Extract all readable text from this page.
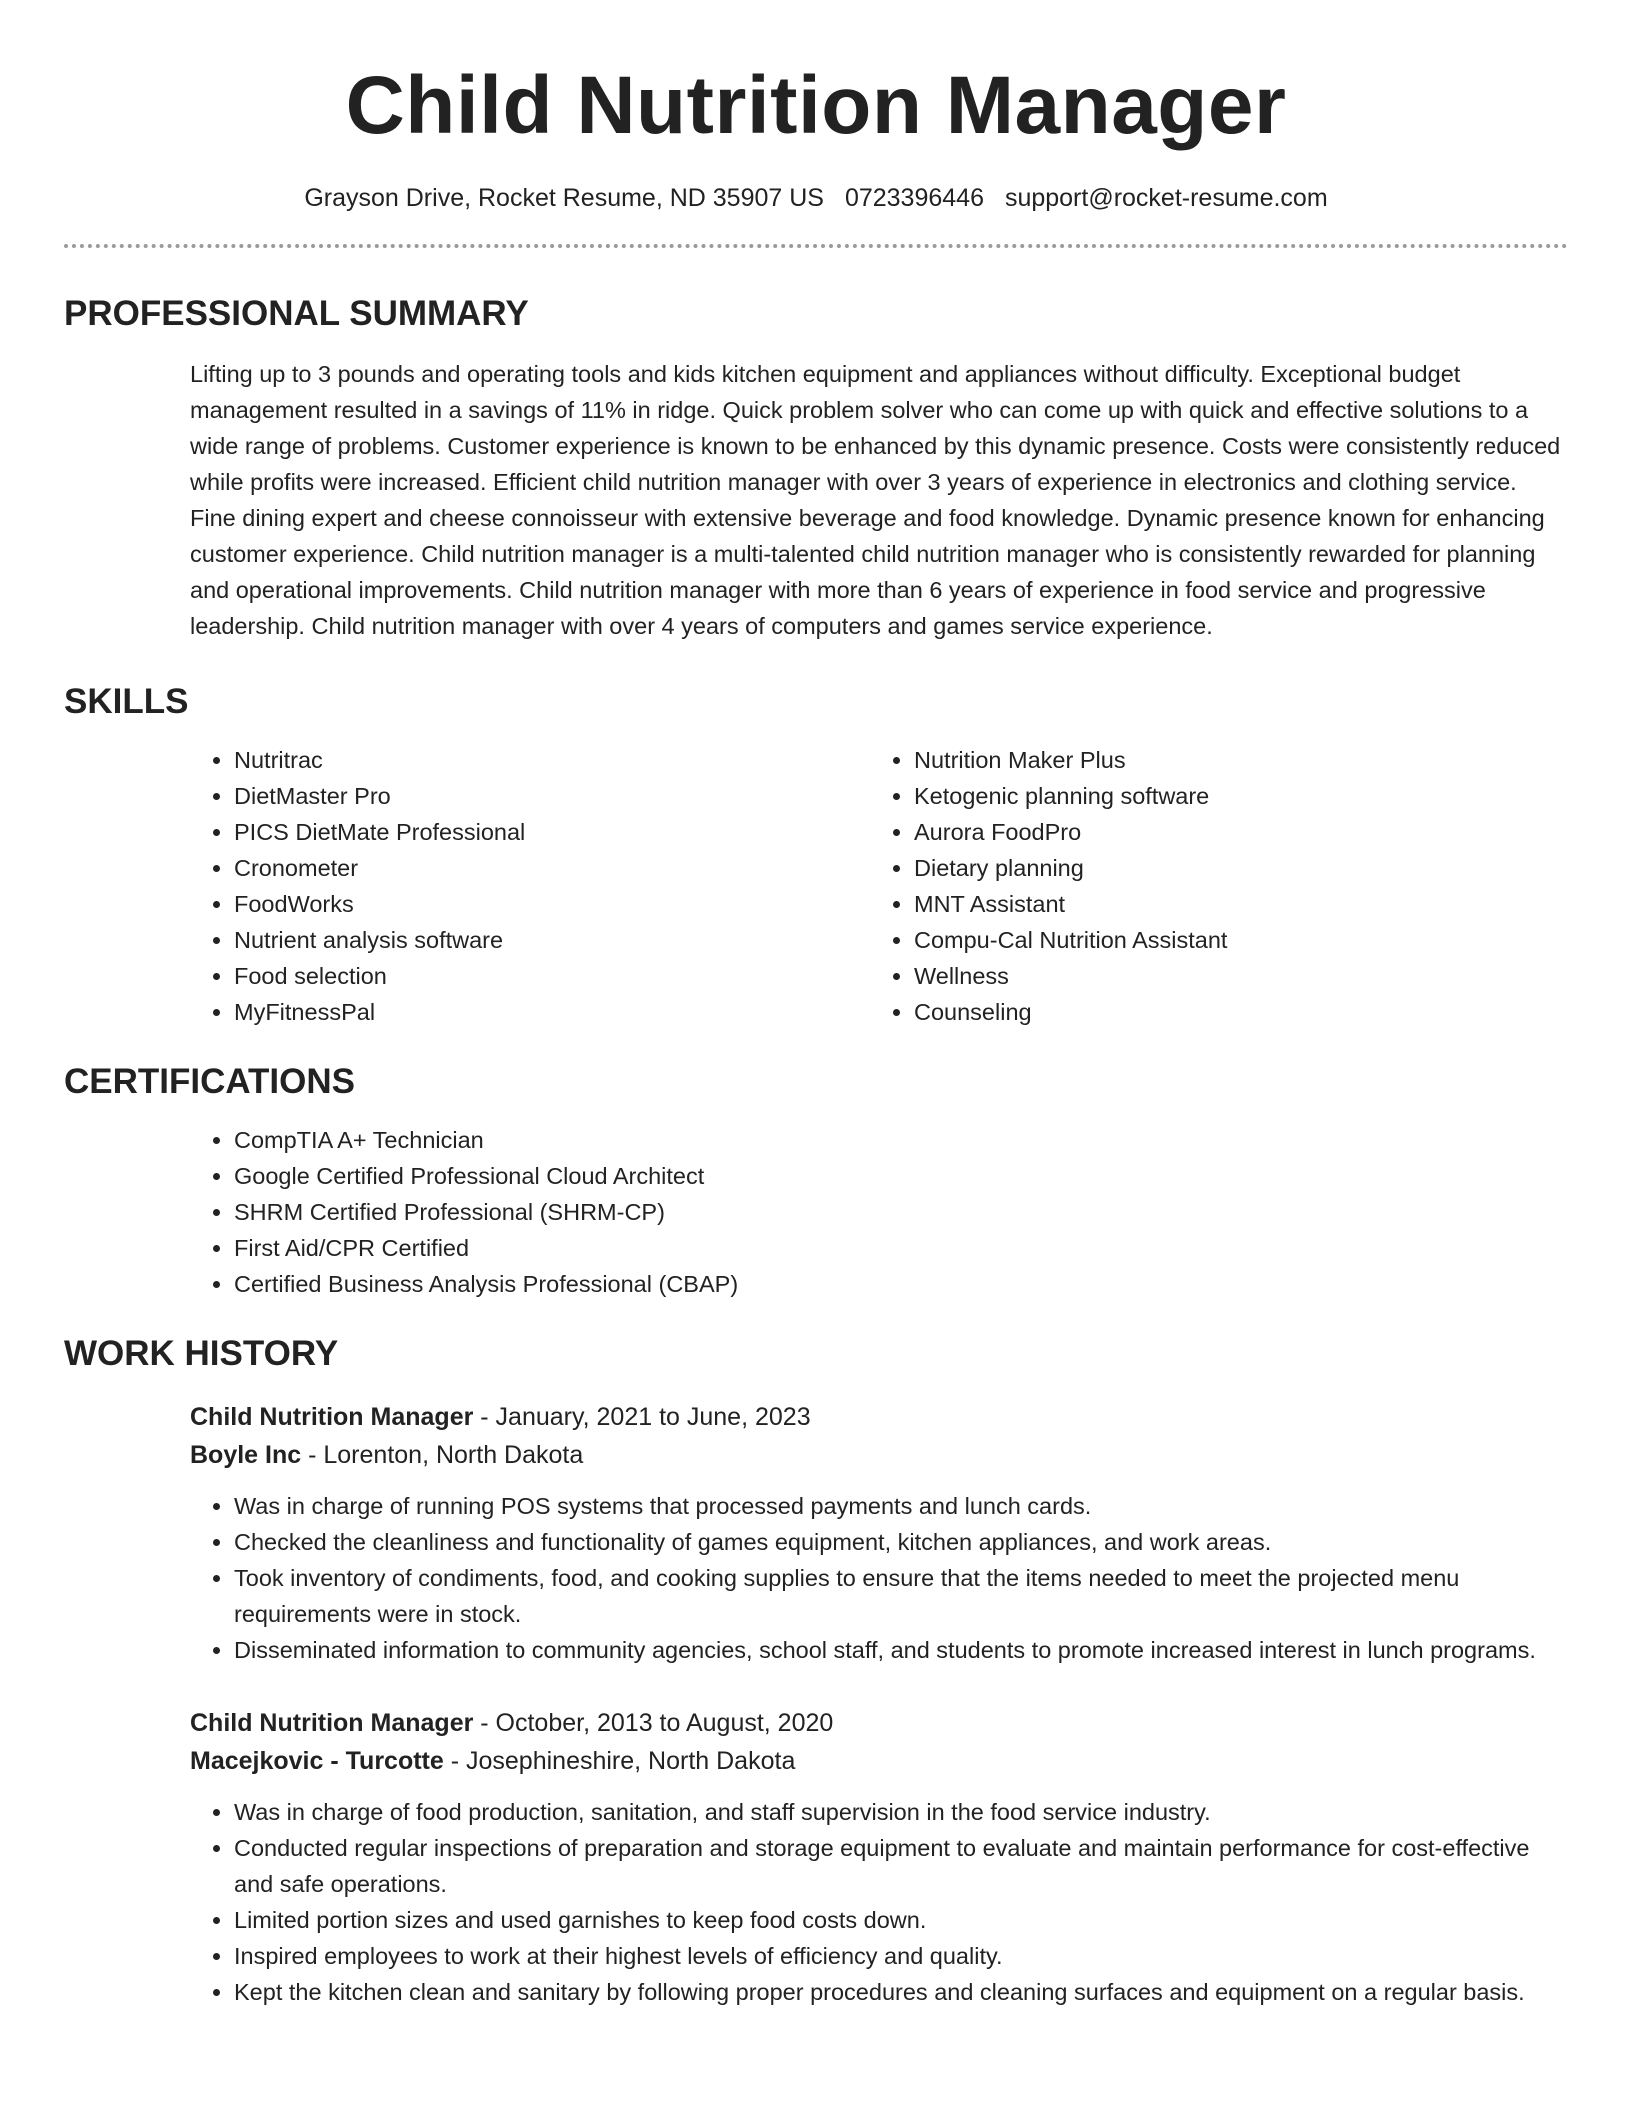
Child Nutrition Manager
Grayson Drive, Rocket Resume, ND 35907 US 0723396446 support@rocket-resume.com
PROFESSIONAL SUMMARY

Lifting up to 3 pounds and operating tools and kids kitchen equipment and appliances without difficulty. Exceptional budget management resulted in a savings of 11% in ridge. Quick problem solver who can come up with quick and effective solutions to a wide range of problems. Customer experience is known to be enhanced by this dynamic presence. Costs were consistently reduced while profits were increased. Efficient child nutrition manager with over 3 years of experience in electronics and clothing service. Fine dining expert and cheese connoisseur with extensive beverage and food knowledge. Dynamic presence known for enhancing customer experience. Child nutrition manager is a multi-talented child nutrition manager who is consistently rewarded for planning and operational improvements. Child nutrition manager with more than 6 years of experience in food service and progressive leadership. Child nutrition manager with over 4 years of computers and games service experience.

SKILLS
• Nutritrac
• DietMaster Pro
• PICS DietMate Professional
• Cronometer
• FoodWorks
• Nutrient analysis software
• Food selection
• MyFitnessPal
• Nutrition Maker Plus
• Ketogenic planning software
• Aurora FoodPro
• Dietary planning
• MNT Assistant
• Compu-Cal Nutrition Assistant
• Wellness
• Counseling
CERTIFICATIONS
• CompTIA A+ Technician
• Google Certified Professional Cloud Architect
• SHRM Certified Professional (SHRM-CP)
• First Aid/CPR Certified
• Certified Business Analysis Professional (CBAP)
WORK HISTORY
Child Nutrition Manager - January, 2021 to June, 2023
Boyle Inc - Lorenton, North Dakota
• Was in charge of running POS systems that processed payments and lunch cards.
• Checked the cleanliness and functionality of games equipment, kitchen appliances, and work areas.
• Took inventory of condiments, food, and cooking supplies to ensure that the items needed to meet the projected menu requirements were in stock.
• Disseminated information to community agencies, school staff, and students to promote increased interest in lunch programs.
Child Nutrition Manager - October, 2013 to August, 2020
Macejkovic - Turcotte - Josephineshire, North Dakota
• Was in charge of food production, sanitation, and staff supervision in the food service industry.
• Conducted regular inspections of preparation and storage equipment to evaluate and maintain performance for cost-effective and safe operations.
• Limited portion sizes and used garnishes to keep food costs down.
• Inspired employees to work at their highest levels of efficiency and quality.
• Kept the kitchen clean and sanitary by following proper procedures and cleaning surfaces and equipment on a regular basis.
